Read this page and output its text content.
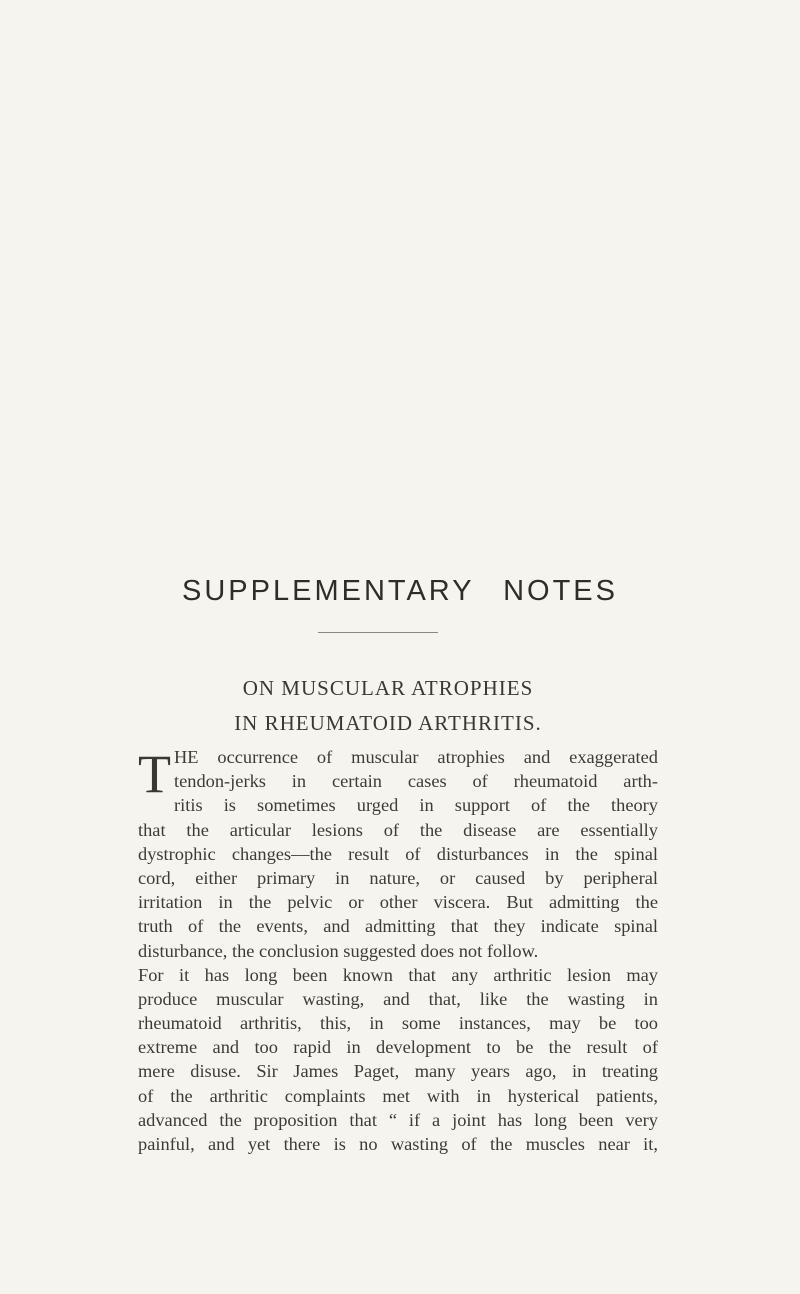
SUPPLEMENTARY NOTES
ON MUSCULAR ATROPHIES
IN RHEUMATOID ARTHRITIS.
T HE occurrence of muscular atrophies and exaggerated
tendon-jerks in certain cases of rheumatoid arth-
ritis is sometimes urged in support of the theory
that the articular lesions of the disease are essentially
dystrophic changes—the result of disturbances in the spinal
cord, either primary in nature, or caused by peripheral
irritation in the pelvic or other viscera. But admitting the
truth of the events, and admitting that they indicate spinal
disturbance, the conclusion suggested does not follow.
For it has long been known that any arthritic lesion may
produce muscular wasting, and that, like the wasting in
rheumatoid arthritis, this, in some instances, may be too
extreme and too rapid in development to be the result of
mere disuse. Sir James Paget, many years ago, in treating
of the arthritic complaints met with in hysterical patients,
advanced the proposition that “ if a joint has long been very
painful, and yet there is no wasting of the muscles near it,
